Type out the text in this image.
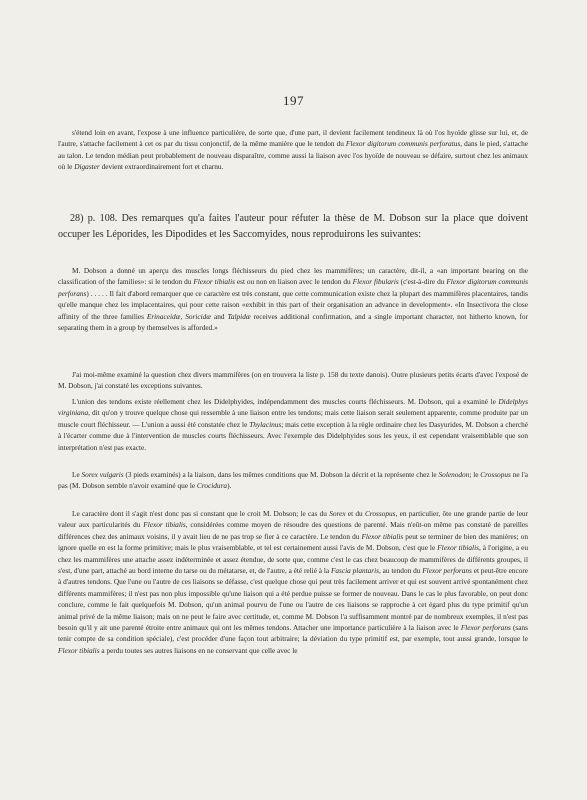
197
s'étend loin en avant, l'expose à une influence particulière, de sorte que, d'une part, il devient facilement tendineux là où l'os hyoïde glisse sur lui, et, de l'autre, s'attache facilement à cet os par du tissu conjonctif, de la même manière que le tendon du Flexor digitorum communis perforatus, dans le pied, s'attache au talon. Le tendon médian peut probablement de nouveau disparaître, comme aussi la liaison avec l'os hyoïde de nouveau se défaire, surtout chez les animaux où le Digaster devient extraordinairement fort et charnu.
28) p. 108. Des remarques qu'a faites l'auteur pour réfuter la thèse de M. Dobson sur la place que doivent occuper les Léporides, les Dipodides et les Saccomyides, nous reproduirons les suivantes:
M. Dobson a donné un aperçu des muscles longs fléchisseurs du pied chez les mammifères; un caractère, dit-il, a «an important bearing on the classification of the families»: si le tendon du Flexor tibialis est ou non en liaison avec le tendon du Flexor fibularis (c'est-à-dire du Flexor digitorum communis perforans) . . . . . Il fait d'abord remarquer que ce caractère est très constant, que cette communication existe chez la plupart des mammifères placentaires, tandis qu'elle manque chez les implacentaires, qui pour cette raison «exhibit in this part of their organisation an advance in development». «In Insectivora the close affinity of the three families Erinaceidæ, Soricidæ and Talpidæ receives additional confirmation, and a single important character, not hitherto known, for separating them in a group by themselves is afforded.»
J'ai moi-même examiné la question chez divers mammifères (on en trouvera la liste p. 158 du texte danois). Outre plusieurs petits écarts d'avec l'exposé de M. Dobson, j'ai constaté les exceptions suivantes.
L'union des tendons existe réellement chez les Didelphyides, indépendamment des muscles courts fléchisseurs. M. Dobson, qui a examiné le Didelphys virginiana, dit qu'on y trouve quelque chose qui ressemble à une liaison entre les tendons; mais cette liaison serait seulement apparente, comme produite par un muscle court fléchisseur. — L'union a aussi été constatée chez le Thylacinus; mais cette exception à la règle ordinaire chez les Dasyurides, M. Dobson a cherché à l'écarter comme due à l'intervention de muscles courts fléchisseurs. Avec l'exemple des Didelphyides sous les yeux, il est cependant vraisemblable que son interprétation n'est pas exacte.
Le Sorex vulgaris (3 pieds examinés) a la liaison, dans les mêmes conditions que M. Dobson la décrit et la représente chez le Solenodon; le Crossopus ne l'a pas (M. Dobson semble n'avoir examiné que le Crocidura).
Le caractère dont il s'agit n'est donc pas si constant que le croit M. Dobson; le cas du Sorex et du Crossopus, en particulier, ôte une grande partie de leur valeur aux particularités du Flexor tibialis, considérées comme moyen de résoudre des questions de parenté. Mais n'eût-on même pas constaté de pareilles différences chez des animaux voisins, il y avait lieu de ne pas trop se fier à ce caractère. Le tendon du Flexor tibialis peut se terminer de bien des manières; on ignore quelle en est la forme primitive; mais le plus vraisemblable, et tel est certainement aussi l'avis de M. Dobson, c'est que le Flexor tibialis, à l'origine, a eu chez les mammifères une attache assez indéterminée et assez étendue, de sorte que, comme c'est le cas chez beaucoup de mammifères de différents groupes, il s'est, d'une part, attaché au bord interne du tarse ou du métatarse, et, de l'autre, a été relié à la Fascia plantaris, au tendon du Flexor perforans et peut-être encore à d'autres tendons. Que l'une ou l'autre de ces liaisons se défasse, c'est quelque chose qui peut très facilement arriver et qui est souvent arrivé spontanément chez différents mammifères; il n'est pas non plus impossible qu'une liaison qui a été perdue puisse se former de nouveau. Dans le cas le plus favorable, on peut donc conclure, comme le fait quelquefois M. Dobson, qu'un animal pourvu de l'une ou l'autre de ces liaisons se rapproche à cet égard plus du type primitif qu'un animal privé de la même liaison; mais on ne peut le faire avec certitude, et, comme M. Dobson l'a suffisamment montré par de nombreux exemples, il n'est pas besoin qu'il y ait une parenté étroite entre animaux qui ont les mêmes tendons. Attacher une importance particulière à la liaison avec le Flexor perforans (sans tenir compte de sa condition spéciale), c'est procéder d'une façon tout arbitraire; la déviation du type primitif est, par exemple, tout aussi grande, lorsque le Flexor tibialis a perdu toutes ses autres liaisons en ne conservant que celle avec le
